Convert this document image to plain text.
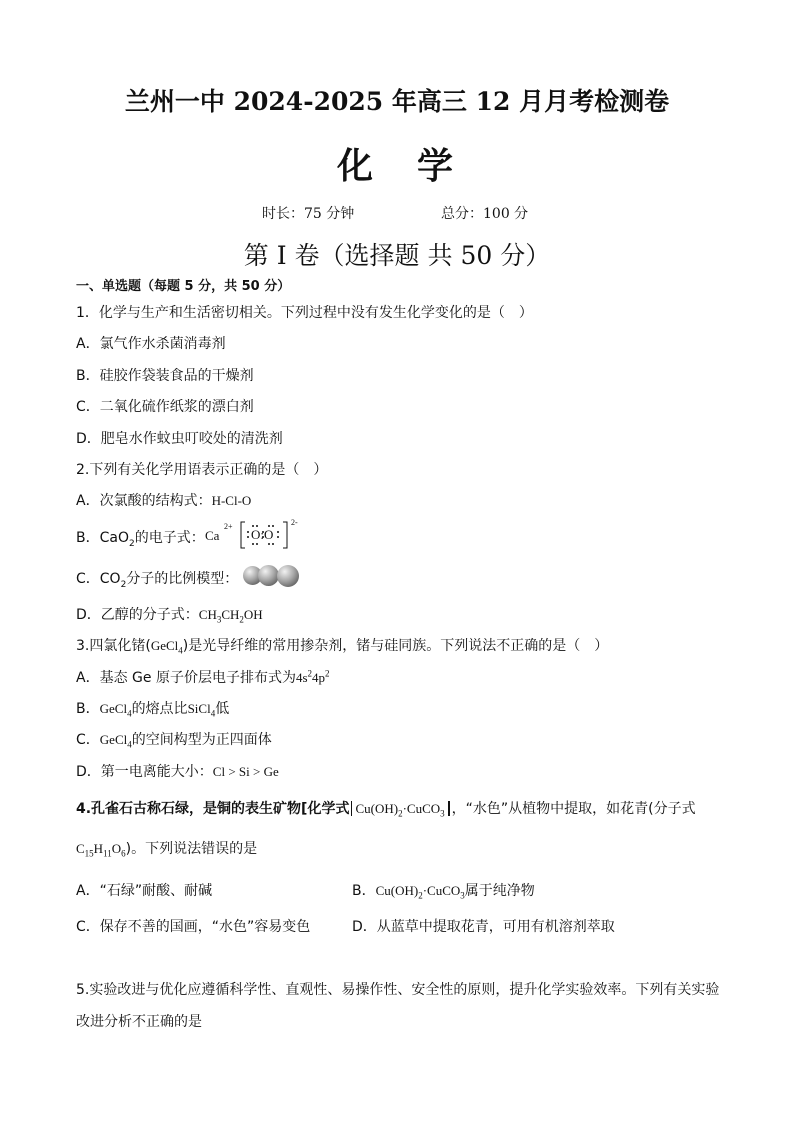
兰州一中 2024-2025 年高三 12 月月考检测卷
化　学
时长：75 分钟	总分：100 分
第 I 卷（选择题 共 50 分）
一、单选题（每题 5 分，共 50 分）
1．化学与生产和生活密切相关。下列过程中没有发生化学变化的是（　）
A．氯气作水杀菌消毒剂
B．硅胶作袋装食品的干燥剂
C．二氧化硫作纸浆的漂白剂
D．肥皂水作蚊虫叮咬处的清洗剂
2.下列有关化学用语表示正确的是（　）
A．次氯酸的结构式：H-Cl-O
B．CaO$_2$的电子式： Ca
2+
O:O
2-
C．$CO_2$分子的比例模型：
D．乙醇的分子式：$CH_3CH_2OH$
3.四氯化锗(GeCl$_4$)是光导纤维的常用掺杂剂，锗与硅同族。下列说法不正确的是（　）
A．基态 Ge 原子价层电子排布式为$4s^24p^2$
B．GeCl$_4$的熔点比SiCl$_4$低
C．GeCl$_4$的空间构型为正四面体
D．第一电离能大小：Cl > Si > Ge
4.孔雀石古称石绿，是铜的表生矿物[化学式 $Cu(OH)_2\cdot CuCO_3$ ，“水色”从植物中提取，如花青(分子式
$C_{15}H_{11}O_6$)。下列说法错误的是
A．“石绿”耐酸、耐碱	B．$Cu(OH)_2\cdot CuCO_3$属于纯净物
C．保存不善的国画，“水色”容易变色	D．从蓝草中提取花青，可用有机溶剂萃取
5.实验改进与优化应遵循科学性、直观性、易操作性、安全性的原则，提升化学实验效率。下列有关实验
改进分析不正确的是
